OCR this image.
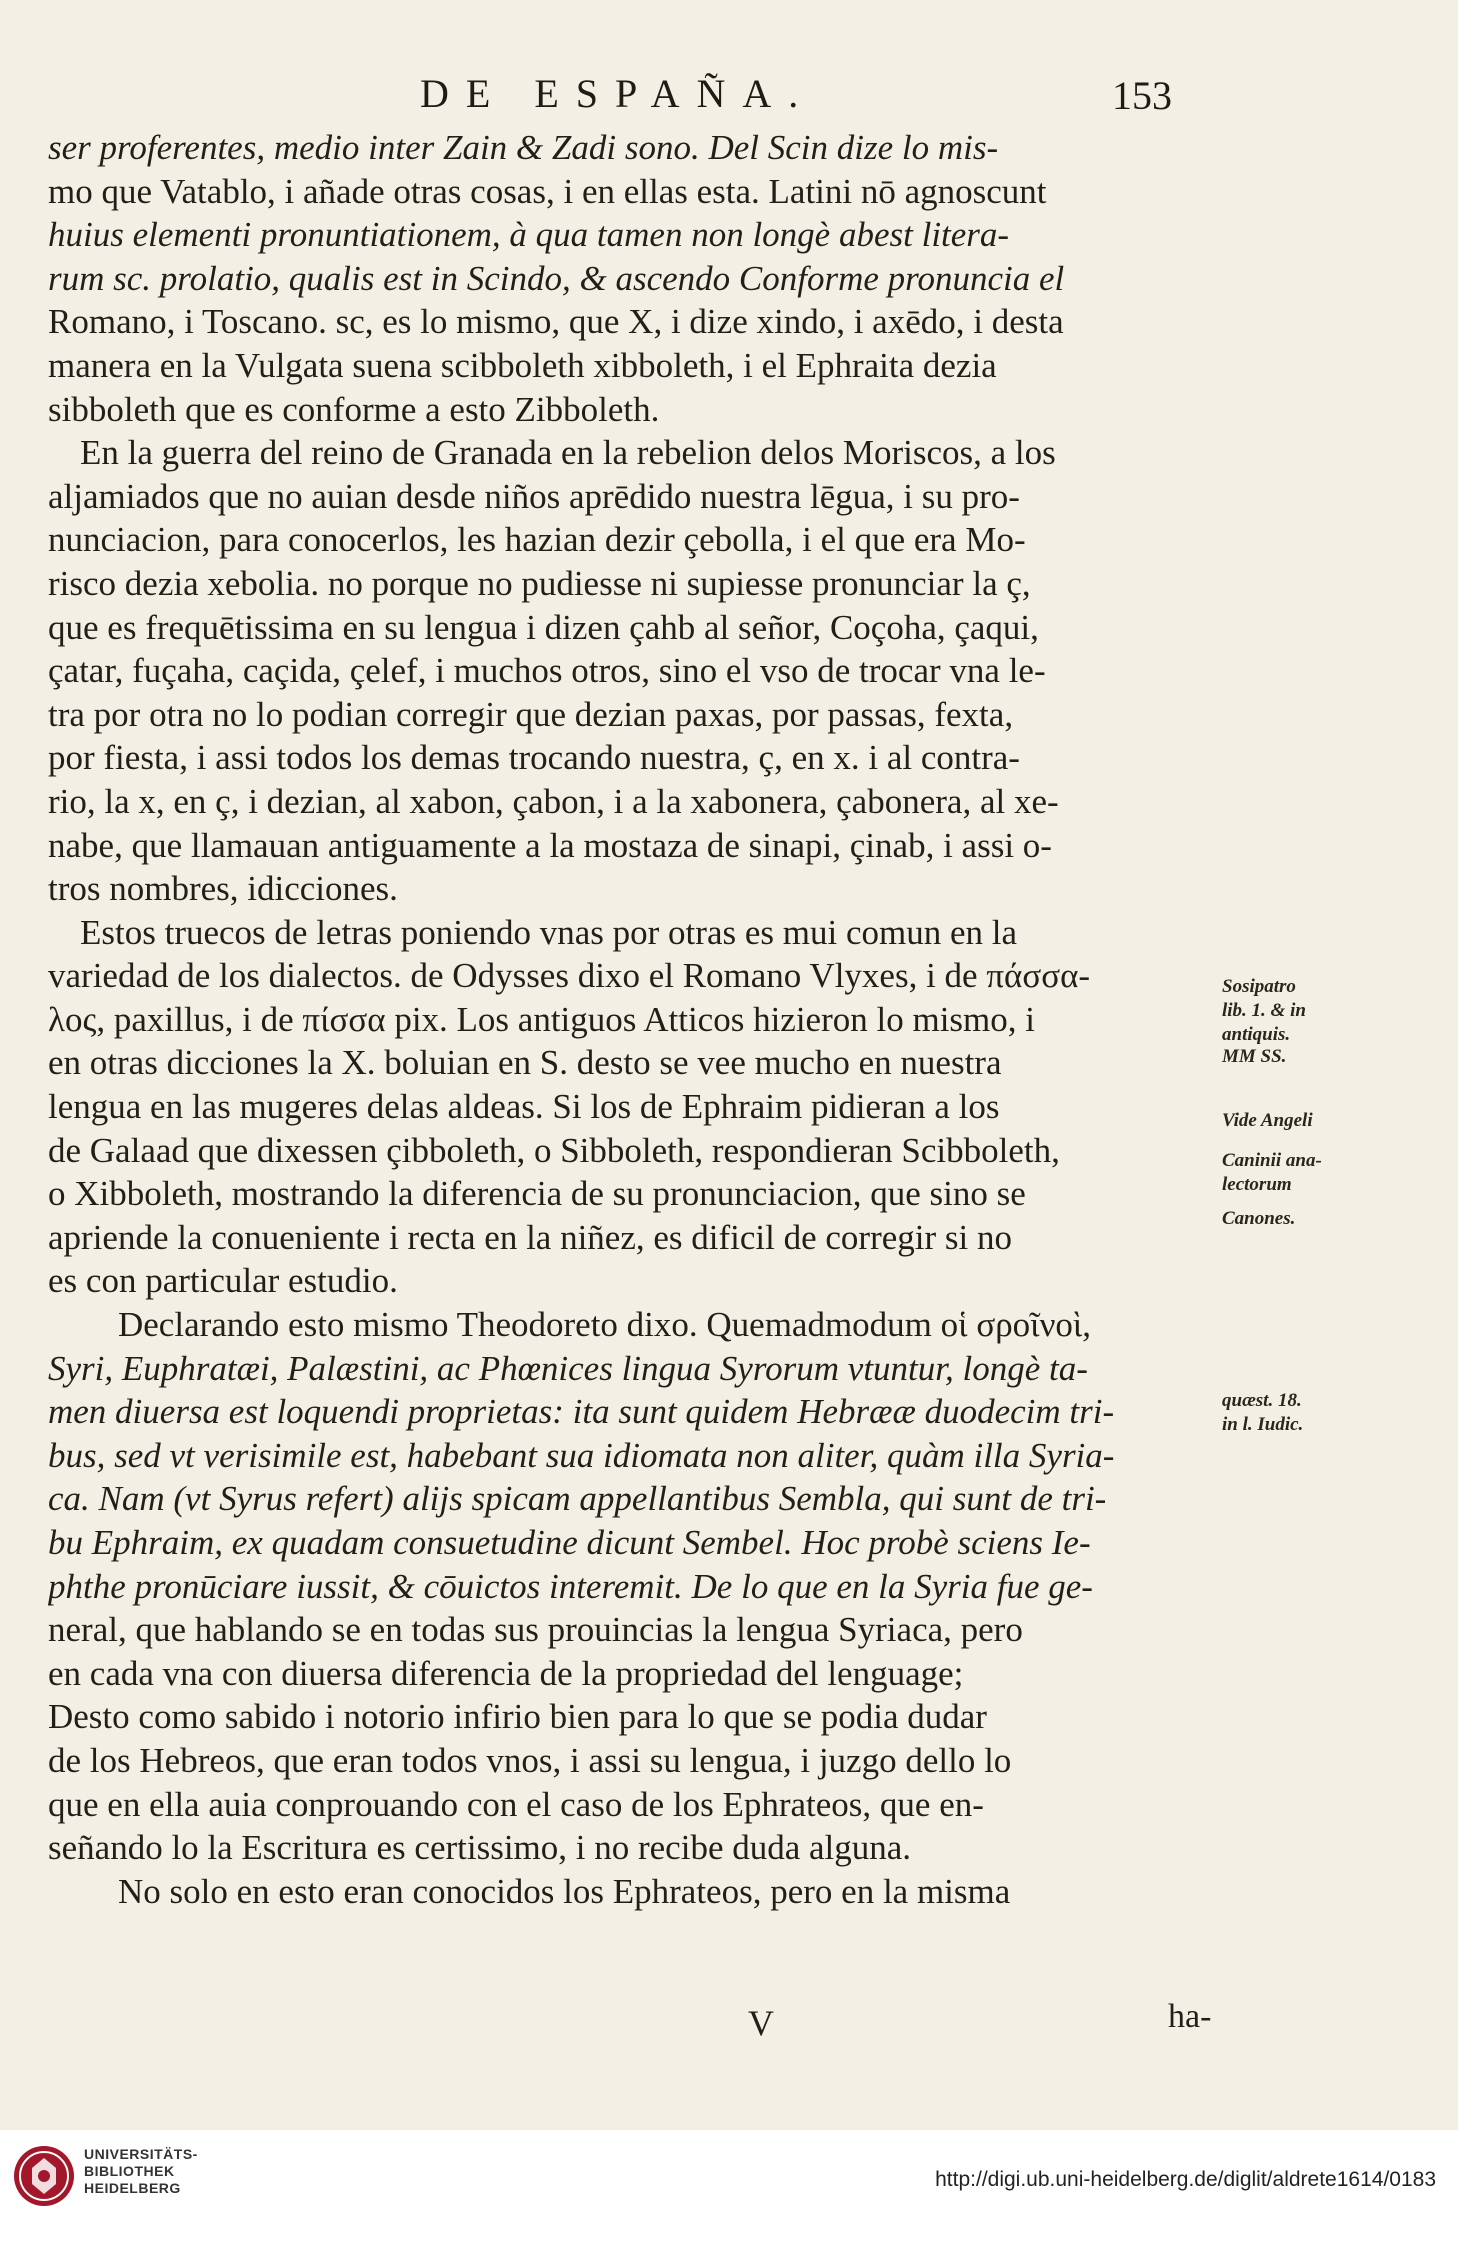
DE ESPAÑA.	153
ser proferentes, medio inter Zain & Zadi sono. Del Scin dize lo mis-
mo que Vatablo, i añade otras cosas, i en ellas esta. Latini nō agnoscunt
huius elementi pronuntiationem, à qua tamen non longè abest litera-
rum sc. prolatio, qualis est in Scindo, & ascendo Conforme pronuncia el
Romano, i Toscano. sc, es lo mismo, que X, i dize xindo, i axēdo, i desta
manera en la Vulgata suena scibboleth xibboleth, i el Ephraita dezia
sibboleth que es conforme a esto Zibboleth.
En la guerra del reino de Granada en la rebelion delos Moriscos, a los
aljamiados que no auian desde niños aprēdido nuestra lēgua, i su pro-
nunciacion, para conocerlos, les hazian dezir çebolla, i el que era Mo-
risco dezia xebolia. no porque no pudiesse ni supiesse pronunciar la ç,
que es frequētissima en su lengua i dizen çahb al señor, Coçoha, çaqui,
çatar, fuçaha, caçida, çelef, i muchos otros, sino el vso de trocar vna le-
tra por otra no lo podian corregir que dezian paxas, por passas, fexta,
por fiesta, i assi todos los demas trocando nuestra, ç, en x. i al contra-
rio, la x, en ç, i dezian, al xabon, çabon, i a la xabonera, çabonera, al xe-
nabe, que llamauan antiguamente a la mostaza de sinapi, çinab, i assi o-
tros nombres, idicciones.
Estos truecos de letras poniendo vnas por otras es mui comun en la
variedad de los dialectos. de Odysses dixo el Romano Vlyxes, i de πάσσα-
λος, paxillus, i de πίσσα pix. Los antiguos Atticos hizieron lo mismo, i
en otras dicciones la X. boluian en S. desto se vee mucho en nuestra
lengua en las mugeres delas aldeas. Si los de Ephraim pidieran a los
de Galaad que dixessen çibboleth, o Sibboleth, respondieran Scibboleth,
o Xibboleth, mostrando la diferencia de su pronunciacion, que sino se
apriende la conueniente i recta en la niñez, es dificil de corregir si no
es con particular estudio.
Declarando esto mismo Theodoreto dixo. Quemadmodum οἱ σροῖνοὶ,
Syri, Euphratæi, Palæstini, ac Phœnices lingua Syrorum vtuntur, longè ta-
men diuersa est loquendi proprietas: ita sunt quidem Hebrææ duodecim tri-
bus, sed vt verisimile est, habebant sua idiomata non aliter, quàm illa Syria-
ca. Nam (vt Syrus refert) alijs spicam appellantibus Sembla, qui sunt de tri-
bu Ephraim, ex quadam consuetudine dicunt Sembel. Hoc probè sciens Ie-
phthe pronūciare iussit, & cōuictos interemit. De lo que en la Syria fue ge-
neral, que hablando se en todas sus prouincias la lengua Syriaca, pero
en cada vna con diuersa diferencia de la propriedad del lenguage;
Desto como sabido i notorio infirio bien para lo que se podia dudar
de los Hebreos, que eran todos vnos, i assi su lengua, i juzgo dello lo
que en ella auia conprouando con el caso de los Ephrateos, que en-
señando lo la Escritura es certissimo, i no recibe duda alguna.
No solo en esto eran conocidos los Ephrateos, pero en la misma
Sosipatro
lib. 1. & in
antiquis.
MM SS.
Vide Angeli
Caninii ana-
lectorum
Canones.
quæst. 18.
in l. Iudic.
V	ha-
UNIVERSITÄTS-
BIBLIOTHEK
HEIDELBERG	http://digi.ub.uni-heidelberg.de/diglit/aldrete1614/0183
